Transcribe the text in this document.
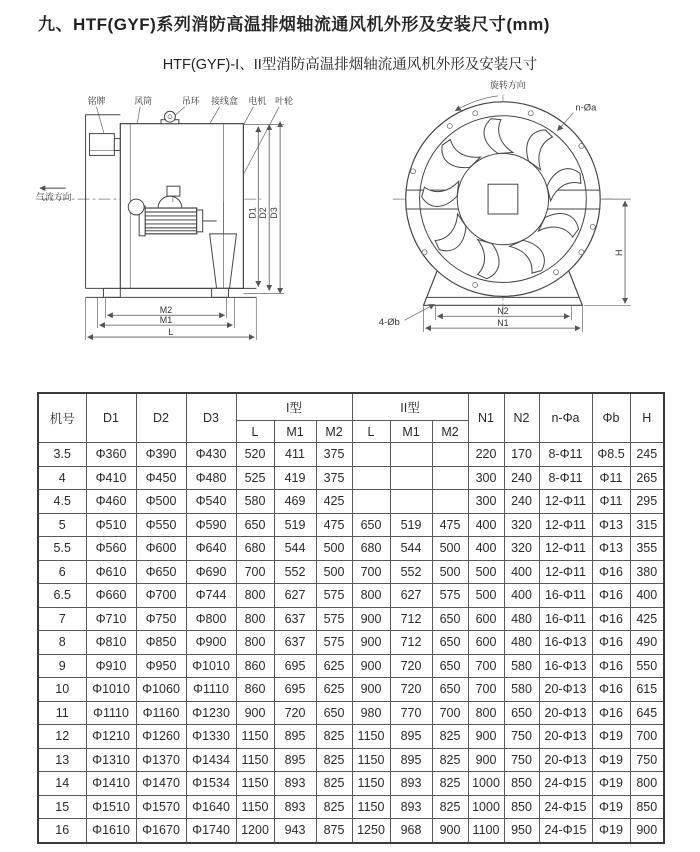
九、HTF(GYF)系列消防高温排烟轴流通风机外形及安装尺寸(mm)
HTF(GYF)-I、II型消防高温排烟轴流通风机外形及安装尺寸
铭牌	风筒	吊环 接线盒 电机 叶轮
D1 D2 D3
M2
M1
L
气流方向
旋转方向
n-Øa
H
N2
N1
4-Øb
机号	D1	D2	D3	I型			II型			N1	N2	n-Φa	Φb	H
				L	M1	M2	L	M1	M2					
3.5	Φ360	Φ390	Φ430	520	411	375				220	170	8-Φ11	Φ8.5	245
4	Φ410	Φ450	Φ480	525	419	375				300	240	8-Φ11	Φ11	265
4.5	Φ460	Φ500	Φ540	580	469	425				300	240	12-Φ11	Φ11	295
5	Φ510	Φ550	Φ590	650	519	475	650	519	475	400	320	12-Φ11	Φ13	315
5.5	Φ560	Φ600	Φ640	680	544	500	680	544	500	400	320	12-Φ11	Φ13	355
6	Φ610	Φ650	Φ690	700	552	500	700	552	500	500	400	12-Φ11	Φ16	380
6.5	Φ660	Φ700	Φ744	800	627	575	800	627	575	500	400	16-Φ11	Φ16	400
7	Φ710	Φ750	Φ800	800	637	575	900	712	650	600	480	16-Φ11	Φ16	425
8	Φ810	Φ850	Φ900	800	637	575	900	712	650	600	480	16-Φ13	Φ16	490
9	Φ910	Φ950	Φ1010	860	695	625	900	720	650	700	580	16-Φ13	Φ16	550
10	Φ1010	Φ1060	Φ1110	860	695	625	900	720	650	700	580	20-Φ13	Φ16	615
11	Φ1110	Φ1160	Φ1230	900	720	650	980	770	700	800	650	20-Φ13	Φ16	645
12	Φ1210	Φ1260	Φ1330	1150	895	825	1150	895	825	900	750	20-Φ13	Φ19	700
13	Φ1310	Φ1370	Φ1434	1150	895	825	1150	895	825	900	750	20-Φ13	Φ19	750
14	Φ1410	Φ1470	Φ1534	1150	893	825	1150	893	825	1000	850	24-Φ15	Φ19	800
15	Φ1510	Φ1570	Φ1640	1150	893	825	1150	893	825	1000	850	24-Φ15	Φ19	850
16	Φ1610	Φ1670	Φ1740	1200	943	875	1250	968	900	1100	950	24-Φ15	Φ19	900
